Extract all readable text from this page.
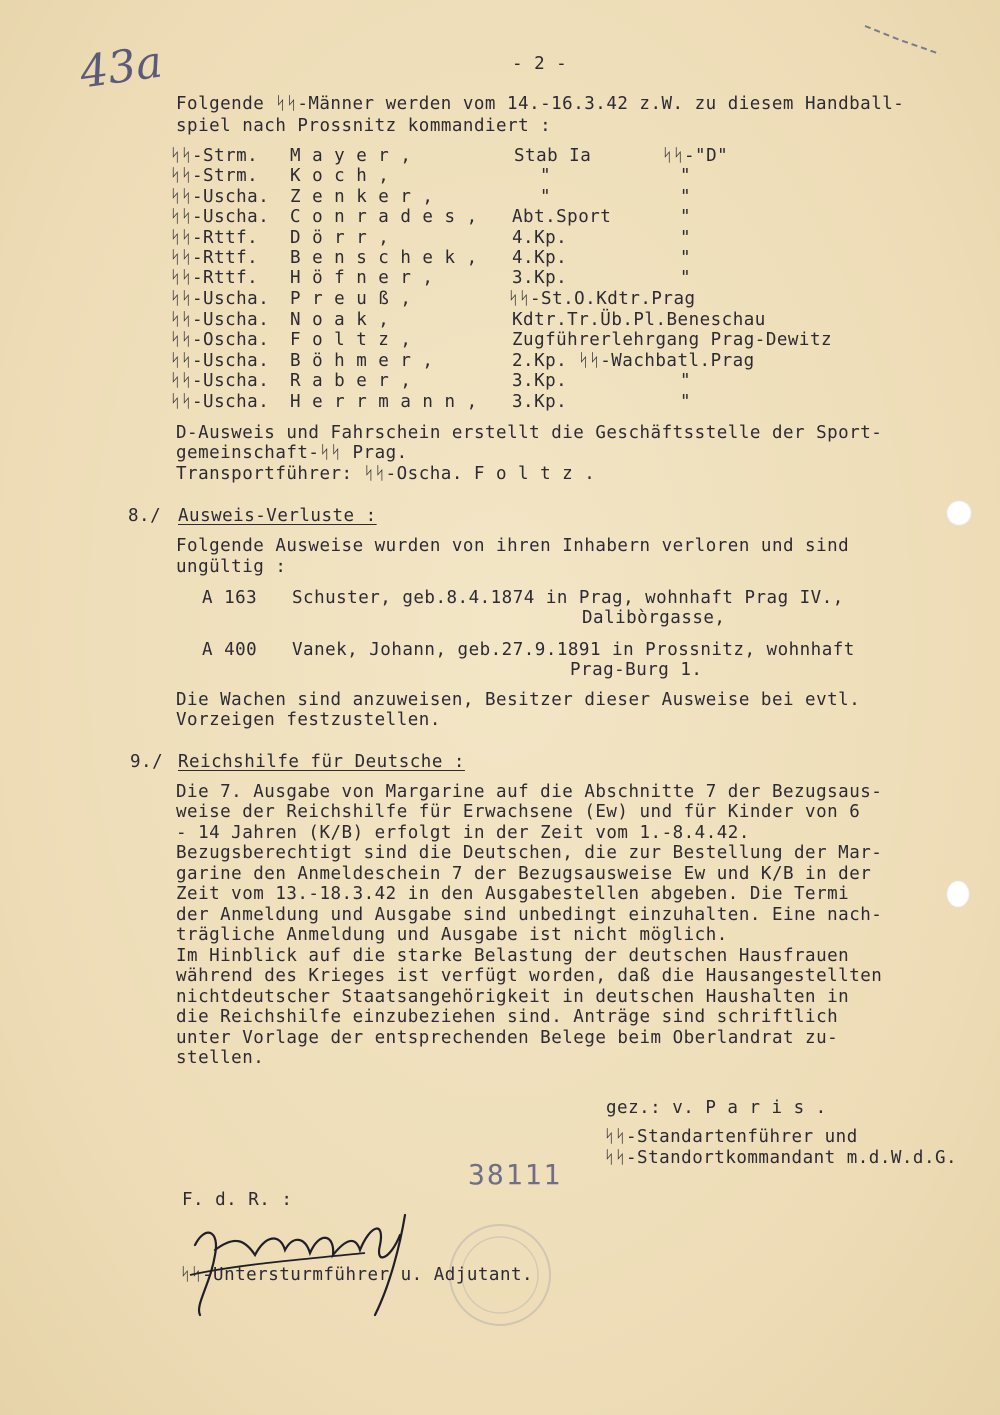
43a	- 2 -
Folgende ᛋᛋ-Männer werden vom 14.-16.3.42 z.W. zu diesem Handball-
spiel nach Prossnitz kommandiert :
ᛋᛋ-Strm. M a y e r ,	Stab Ia	ᛋᛋ-"D"
ᛋᛋ-Strm. K o c h ,	"	"
ᛋᛋ-Uscha. Z e n k e r ,	"	"
ᛋᛋ-Uscha. C o n r a d e s , Abt.Sport	"
ᛋᛋ-Rttf. D ö r r ,	4.Kp.	"
ᛋᛋ-Rttf. B e n s c h e k , 4.Kp.	"
ᛋᛋ-Rttf. H ö f n e r ,	3.Kp.	"
ᛋᛋ-Uscha. P r e u ß ,	ᛋᛋ-St.O.Kdtr.Prag
ᛋᛋ-Uscha. N o a k ,	Kdtr.Tr.Üb.Pl.Beneschau
ᛋᛋ-Oscha. F o l t z ,	Zugführerlehrgang Prag-Dewitz
ᛋᛋ-Uscha. B ö h m e r ,	2.Kp. ᛋᛋ-Wachbatl.Prag
ᛋᛋ-Uscha. R a b e r ,	3.Kp.	"
ᛋᛋ-Uscha. H e r r m a n n , 3.Kp.	"
D-Ausweis und Fahrschein erstellt die Geschäftsstelle der Sport-
gemeinschaft-ᛋᛋ Prag.
Transportführer: ᛋᛋ-Oscha. F o l t z .
8./ Ausweis-Verluste :
Folgende Ausweise wurden von ihren Inhabern verloren und sind
ungültig :
A 163 Schuster, geb.8.4.1874 in Prag, wohnhaft Prag IV.,
Dalibòrgasse,
A 400 Vanek, Johann, geb.27.9.1891 in Prossnitz, wohnhaft
Prag-Burg 1.
Die Wachen sind anzuweisen, Besitzer dieser Ausweise bei evtl.
Vorzeigen festzustellen.
9./ Reichshilfe für Deutsche :
Die 7. Ausgabe von Margarine auf die Abschnitte 7 der Bezugsaus-
weise der Reichshilfe für Erwachsene (Ew) und für Kinder von 6
- 14 Jahren (K/B) erfolgt in der Zeit vom 1.-8.4.42.
Bezugsberechtigt sind die Deutschen, die zur Bestellung der Mar-
garine den Anmeldeschein 7 der Bezugsausweise Ew und K/B in der
Zeit vom 13.-18.3.42 in den Ausgabestellen abgeben. Die Termi
der Anmeldung und Ausgabe sind unbedingt einzuhalten. Eine nach-
trägliche Anmeldung und Ausgabe ist nicht möglich.
Im Hinblick auf die starke Belastung der deutschen Hausfrauen
während des Krieges ist verfügt worden, daß die Hausangestellten
nichtdeutscher Staatsangehörigkeit in deutschen Haushalten in
die Reichshilfe einzubeziehen sind. Anträge sind schriftlich
unter Vorlage der entsprechenden Belege beim Oberlandrat zu-
stellen.
gez.: v. P a r i s .
ᛋᛋ-Standartenführer und
ᛋᛋ-Standortkommandant m.d.W.d.G.
38111
F. d. R. :
ᛋᛋ-Untersturmführer u. Adjutant.
